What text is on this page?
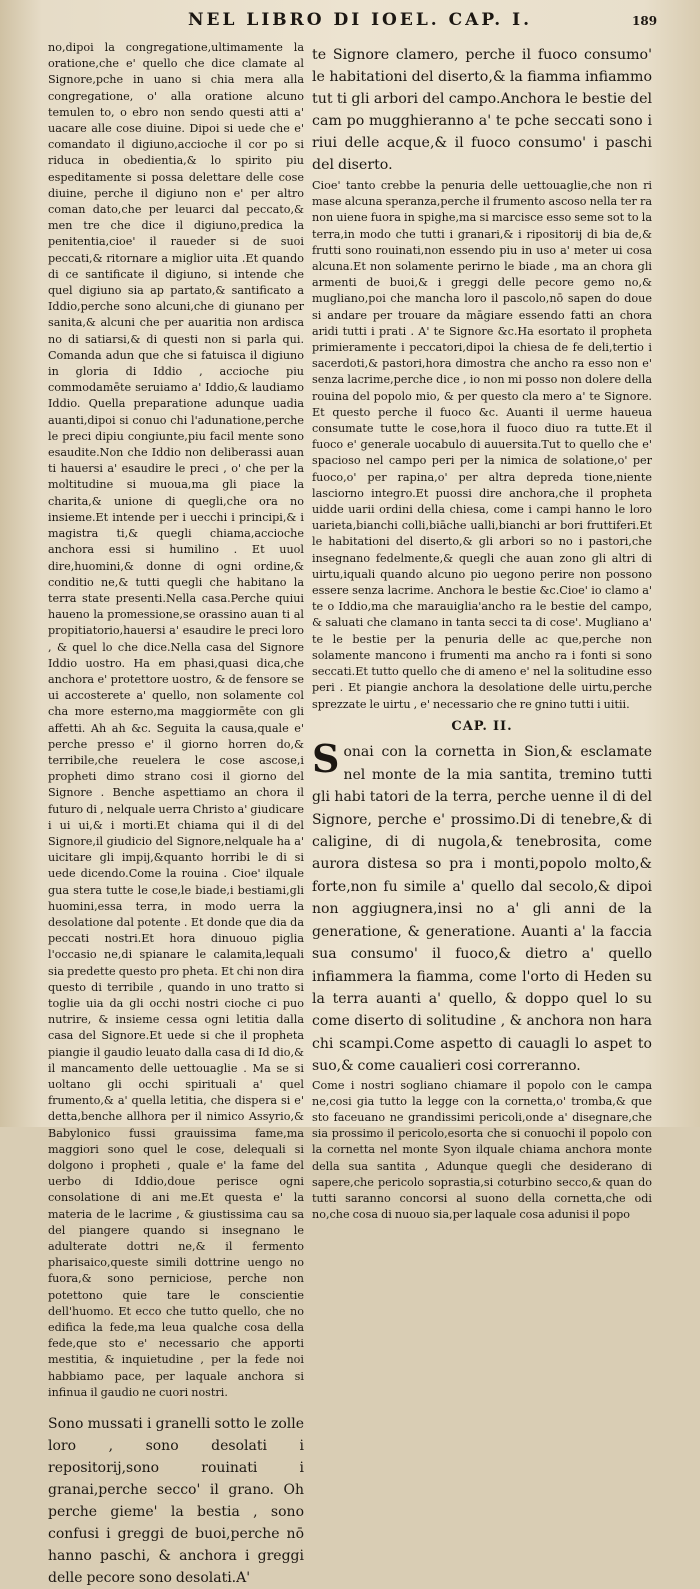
NEL LIBRO DI IOEL. CAP. I.	189

no,dipoi la congregatione,ultimamente la oratione,che e' quello che dice clamate al Signore,pche in uano si chia mera alla congregatione, o' alla oratione alcuno temulen to, o ebro non sendo questi atti a' uacare alle cose diuine. Dipoi si uede che e' comandato il digiuno,accioche il cor po si riduca in obedientia,& lo spirito piu espeditamente si possa delettare delle cose diuine, perche il digiuno non e' per altro coman dato,che per leuarci dal peccato,& men tre che dice il digiuno,predica la penitentia,cioe' il raueder si de suoi peccati,& ritornare a miglior uita .Et quando di ce santificate il digiuno, si intende che quel digiuno sia ap partato,& santificato a Iddio,perche sono alcuni,che di giunano per sanita,& alcuni che per auaritia non ardisca no di satiarsi,& di questi non si parla qui. Comanda adun que che si fatuisca il digiuno in gloria di Iddio , accioche piu commodamēte seruiamo a' Iddio,& laudiamo Iddio. Quella preparatione adunque uadia auanti,dipoi si conuo chi l'adunatione,perche le preci dipiu congiunte,piu facil mente sono esaudite.Non che Iddio non deliberassi auan ti hauersi a' esaudire le preci , o' che per la moltitudine si muoua,ma gli piace la charita,& unione di quegli,che ora no insieme.Et intende per i uecchi i principi,& i magistra ti,& quegli chiama,accioche anchora essi si humilino . Et uuol dire,huomini,& donne di ogni ordine,& conditio ne,& tutti quegli che habitano la terra state presenti.Nella casa.Perche quiui haueno la promessione,se orassino auan ti al propitiatorio,hauersi a' esaudire le preci loro , & quel lo che dice.Nella casa del Signore Iddio uostro. Ha em phasi,quasi dica,che anchora e' protettore uostro, & de fensore se ui accosterete a' quello, non solamente col cha more esterno,ma maggiormēte con gli affetti. Ah ah &c. Seguita la causa,quale e' perche presso e' il giorno horren do,& terribile,che reuelera le cose ascose,i propheti dimo strano cosi il giorno del Signore . Benche aspettiamo an chora il futuro di , nelquale uerra Christo a' giudicare i ui ui,& i morti.Et chiama qui il di del Signore,il giudicio del Signore,nelquale ha a' uicitare gli impij,&quanto horribi le di si uede dicendo.Come la rouina . Cioe' ilquale gua stera tutte le cose,le biade,i bestiami,gli huomini,essa terra, in modo uerra la desolatione dal potente . Et donde que dia da peccati nostri.Et hora dinuouo piglia l'occasio ne,di spianare le calamita,lequali sia predette questo pro pheta. Et chi non dira questo di terribile , quando in uno tratto si toglie uia da gli occhi nostri cioche ci puo nutrire, & insieme cessa ogni letitia dalla casa del Signore.Et uede si che il propheta piangie il gaudio leuato dalla casa di Id dio,& il mancamento delle uettouaglie . Ma se si uoltano gli occhi spirituali a' quel frumento,& a' quella letitia, che dispera si e' detta,benche allhora per il nimico Assyrio,& Babylonico fussi grauissima fame,ma maggiori sono quel le cose, delequali si dolgono i propheti , quale e' la fame del uerbo di Iddio,doue perisce ogni consolatione di ani me.Et questa e' la materia de le lacrime , & giustissima cau sa del piangere quando si insegnano le adulterate dottri ne,& il fermento pharisaico,queste simili dottrine uengo no fuora,& sono perniciose, perche non potettono quie tare le conscientie dell'huomo. Et ecco che tutto quello, che no edifica la fede,ma leua qualche cosa della fede,que sto e' necessario che apporti mestitia, & inquietudine , per la fede noi habbiamo pace, per laquale anchora si infinua il gaudio ne cuori nostri.

Sono mussati i granelli sotto le zolle loro , sono desolati i repositorij,sono rouinati i granai,perche secco' il grano. Oh perche gieme' la bestia , sono confusi i greggi de buoi,perche nō hanno paschi, & anchora i greggi delle pecore sono desolati.A'

te Signore clamero, perche il fuoco consumo' le habitationi del diserto,& la fiamma infiammo tut ti gli arbori del campo.Anchora le bestie del cam po mugghieranno a' te pche seccati sono i riui delle acque,& il fuoco consumo' i paschi del diserto.

Cioe' tanto crebbe la penuria delle uettouaglie,che non ri mase alcuna speranza,perche il frumento ascoso nella ter ra non uiene fuora in spighe,ma si marcisce esso seme sot to la terra,in modo che tutti i granari,& i ripositorij di bia de,& frutti sono rouinati,non essendo piu in uso a' meter ui cosa alcuna.Et non solamente perirno le biade , ma an chora gli armenti de buoi,& i greggi delle pecore gemo no,& mugliano,poi che mancha loro il pascolo,nō sapen do doue si andare per trouare da māgiare essendo fatti an chora aridi tutti i prati . A' te Signore &c.Ha esortato il propheta primieramente i peccatori,dipoi la chiesa de fe deli,tertio i sacerdoti,& pastori,hora dimostra che ancho ra esso non e' senza lacrime,perche dice , io non mi posso non dolere della rouina del popolo mio, & per questo cla mero a' te Signore. Et questo perche il fuoco &c. Auanti il uerme haueua consumate tutte le cose,hora il fuoco diuo ra tutte.Et il fuoco e' generale uocabulo di auuersita.Tut to quello che e' spacioso nel campo peri per la nimica de solatione,o' per fuoco,o' per rapina,o' per altra depreda tione,niente lasciorno integro.Et puossi dire anchora,che il propheta uidde uarii ordini della chiesa, come i campi hanno le loro uarieta,bianchi colli,biāche ualli,bianchi ar bori fruttiferi.Et le habitationi del diserto,& gli arbori so no i pastori,che insegnano fedelmente,& quegli che auan zono gli altri di uirtu,iquali quando alcuno pio uegono perire non possono essere senza lacrime. Anchora le bestie &c.Cioe' io clamo a' te o Iddio,ma che marauiglia'ancho ra le bestie del campo, & saluati che clamano in tanta secci ta di cose'. Mugliano a' te le bestie per la penuria delle ac que,perche non solamente mancono i frumenti ma ancho ra i fonti si sono seccati.Et tutto quello che di ameno e' nel la solitudine esso peri . Et piangie anchora la desolatione delle uirtu,perche sprezzate le uirtu , e' necessario che re gnino tutti i uitii.

CAP. II.

Sonai con la cornetta in Sion,& esclamate nel monte de la mia santita, tremino tutti gli habi tatori de la terra, perche uenne il di del Signore, perche e' prossimo.Di di tenebre,& di caligine, di di nugola,& tenebrosita, come aurora distesa so pra i monti,popolo molto,& forte,non fu simile a' quello dal secolo,& dipoi non aggiugnera,insi no a' gli anni de la generatione, & generatione. Auanti a' la faccia sua consumo' il fuoco,& dietro a' quello infiammera la fiamma, come l'orto di Heden su la terra auanti a' quello, & doppo quel lo su come diserto di solitudine , & anchora non hara chi scampi.Come aspetto di cauagli lo aspet to suo,& come caualieri cosi correranno.

Come i nostri sogliano chiamare il popolo con le campa ne,cosi gia tutto la legge con la cornetta,o' tromba,& que sto faceuano ne grandissimi pericoli,onde a' disegnare,che sia prossimo il pericolo,esorta che si conuochi il popolo con la cornetta nel monte Syon ilquale chiama anchora monte della sua santita , Adunque quegli che desiderano di sapere,che pericolo soprastia,si coturbino secco,& quan do tutti saranno concorsi al suono della cornetta,che odi no,che cosa di nuouo sia,per laquale cosa adunisi il popo
